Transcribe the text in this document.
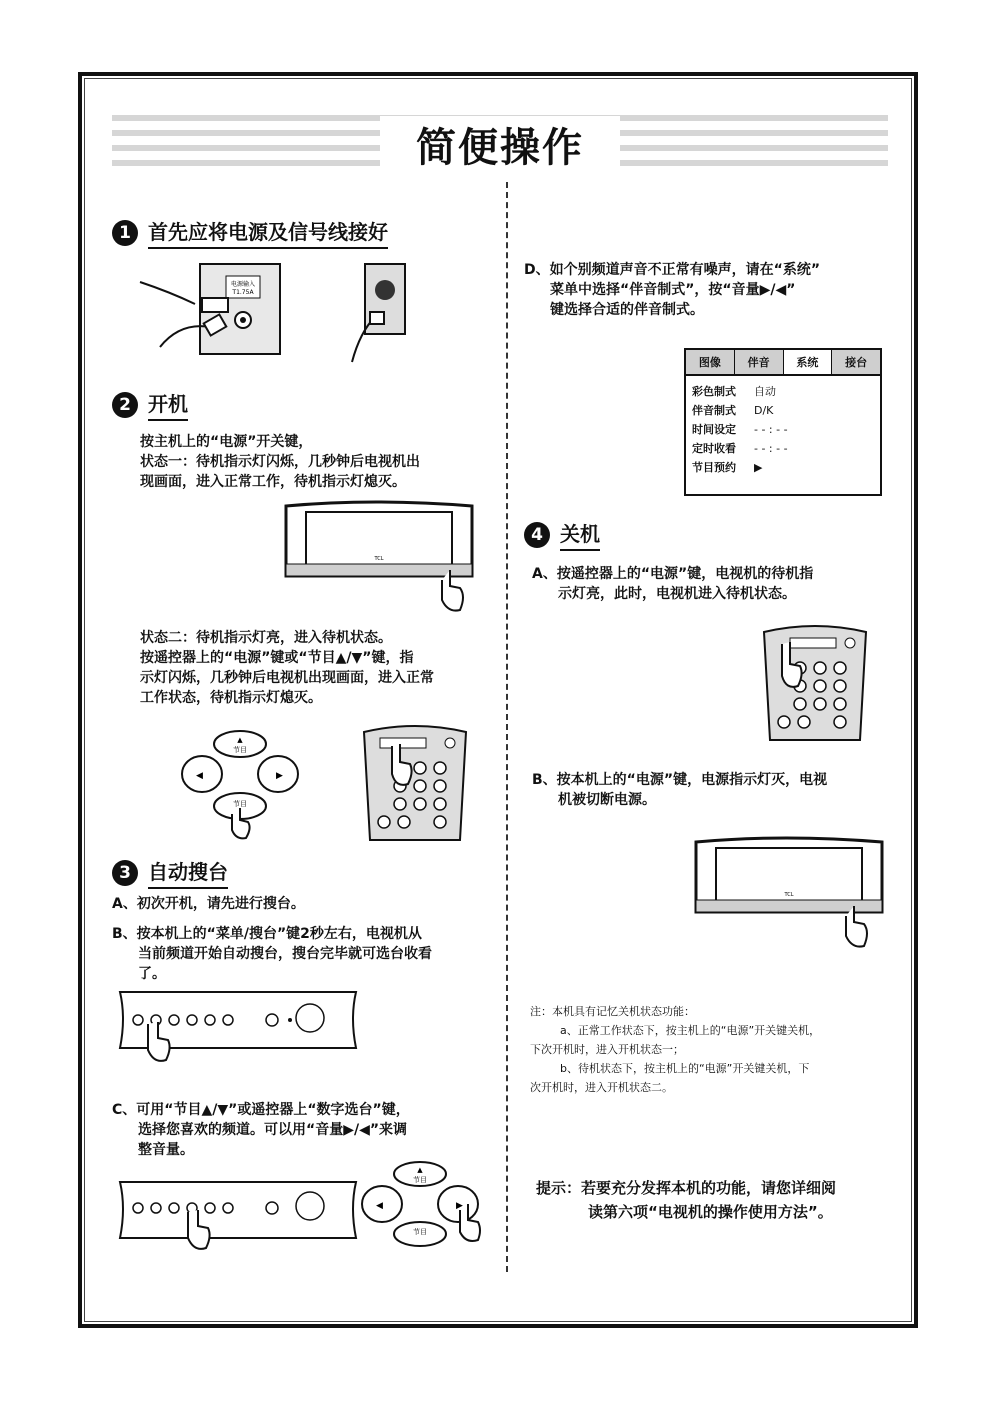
简便操作
1 首先应将电源及信号线接好
电源输入
T1.75A
2 开机
按主机上的“电源”开关键，
状态一：待机指示灯闪烁，几秒钟后电视机出
现画面，进入正常工作，待机指示灯熄灭。
TCL
状态二：待机指示灯亮，进入待机状态。
按遥控器上的“电源”键或“节目▲/▼”键，指
示灯闪烁，几秒钟后电视机出现画面，进入正常
工作状态，待机指示灯熄灭。
▲
节目
节目
◀	▶
3 自动搜台
A、初次开机，请先进行搜台。
B、按本机上的“菜单/搜台”键2秒左右，电视机从
当前频道开始自动搜台，搜台完毕就可选台收看
了。
C、可用“节目▲/▼”或遥控器上“数字选台”键，
选择您喜欢的频道。可以用“音量▶/◀”来调
整音量。
▲
节目
节目
◀	▶
D、如个别频道声音不正常有噪声，请在“系统”
菜单中选择“伴音制式”，按“音量▶/◀”
键选择合适的伴音制式。
图像	伴音	系统	接台
彩色制式	自动
伴音制式	D/K
时间设定	- - : - -
定时收看	- - : - -
节目预约	▶
4 关机
A、按遥控器上的“电源”键，电视机的待机指
示灯亮，此时，电视机进入待机状态。
B、按本机上的“电源”键，电源指示灯灭，电视
机被切断电源。
TCL
注：本机具有记忆关机状态功能：
a、正常工作状态下，按主机上的“电源”开关键关机，
下次开机时，进入开机状态一；
b、待机状态下，按主机上的“电源”开关键关机，下
次开机时，进入开机状态二。
提示：若要充分发挥本机的功能，请您详细阅
读第六项“电视机的操作使用方法”。
